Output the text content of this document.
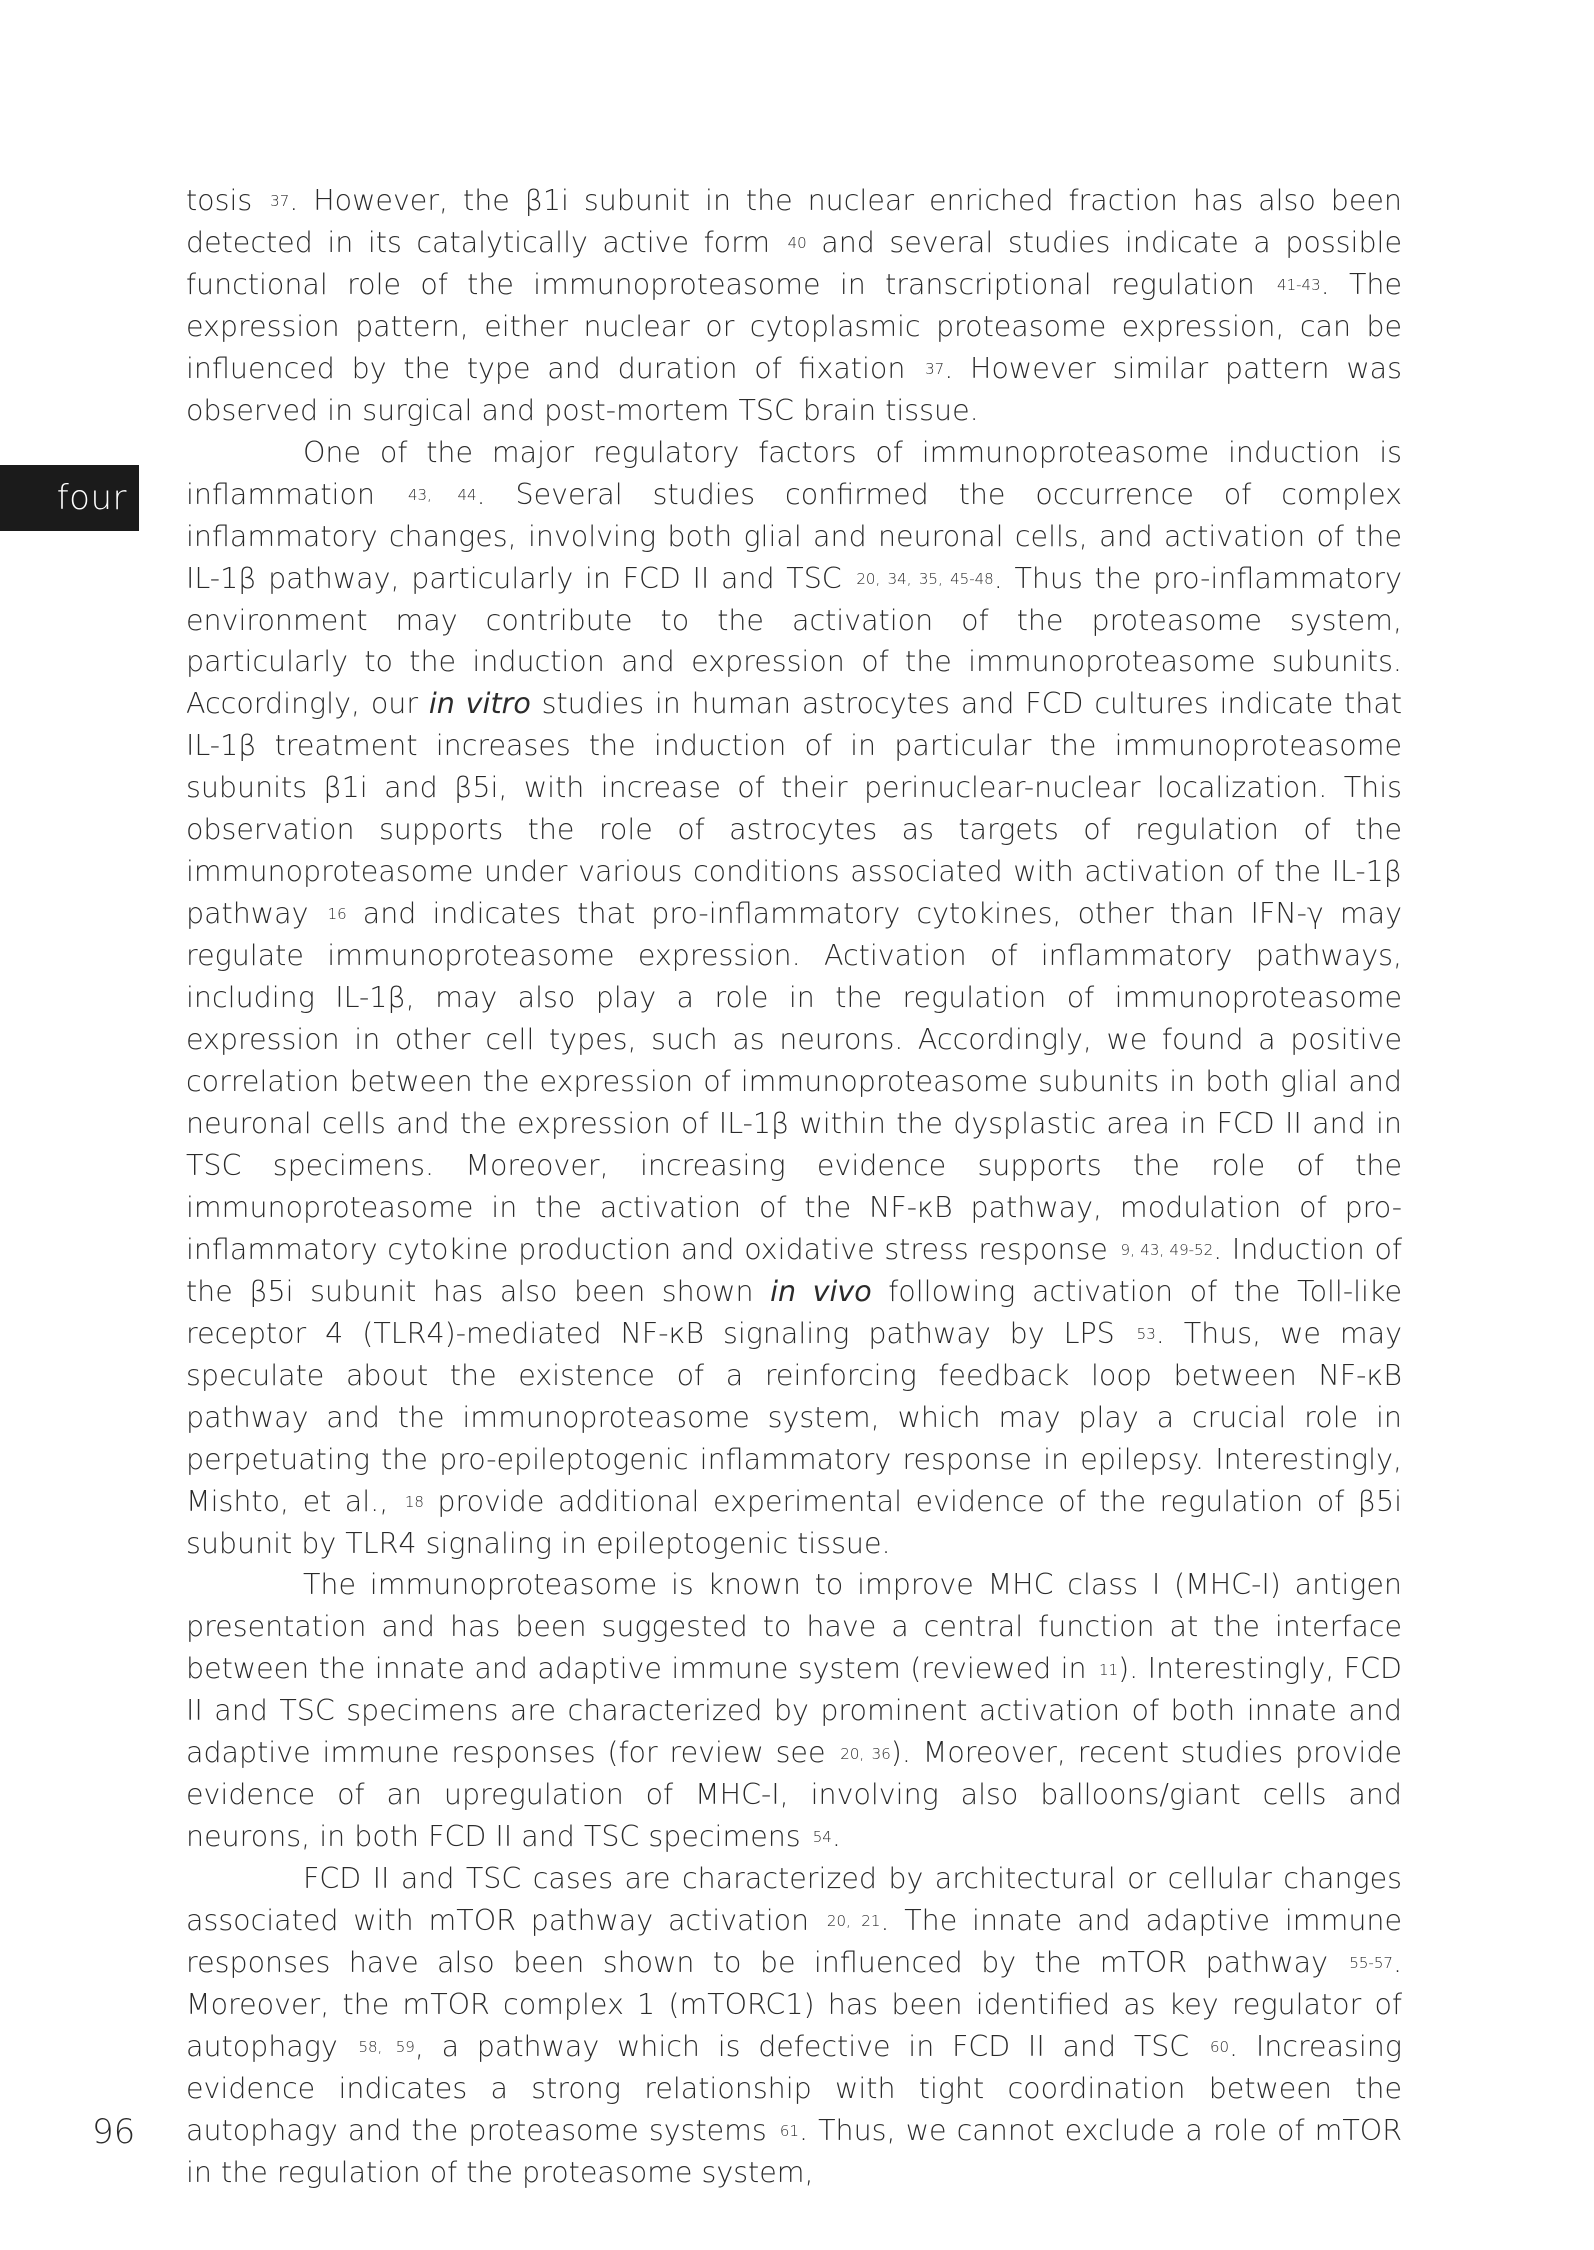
four

tosis $^{37}$. However, the β1i subunit in the nuclear enriched fraction has also been detected in its catalytically active form $^{40}$ and several studies indicate a possible functional role of the immunoproteasome in transcriptional regulation $^{41-43}$. The expression pattern, either nuclear or cytoplasmic proteasome expression, can be influenced by the type and duration of fixation $^{37}$. However similar pattern was observed in surgical and post-mortem TSC brain tissue.

One of the major regulatory factors of immunoproteasome induction is inflammation $^{43, 44}$. Several studies confirmed the occurrence of complex inflammatory changes, involving both glial and neuronal cells, and activation of the IL-1β pathway, particularly in FCD II and TSC $^{20, 34, 35, 45-48}$. Thus the pro-inflammatory environment may contribute to the activation of the proteasome system, particularly to the induction and expression of the immunoproteasome subunits. Accordingly, our in vitro studies in human astrocytes and FCD cultures indicate that IL-1β treatment increases the induction of in particular the immunoproteasome subunits β1i and β5i, with increase of their perinuclear-nuclear localization. This observation supports the role of astrocytes as targets of regulation of the immunoproteasome under various conditions associated with activation of the IL-1β pathway $^{16}$ and indicates that pro-inflammatory cytokines, other than IFN-γ may regulate immunoproteasome expression. Activation of inflammatory pathways, including IL-1β, may also play a role in the regulation of immunoproteasome expression in other cell types, such as neurons. Accordingly, we found a positive correlation between the expression of immunoproteasome subunits in both glial and neuronal cells and the expression of IL-1β within the dysplastic area in FCD II and in TSC specimens. Moreover, increasing evidence supports the role of the immunoproteasome in the activation of the NF-κB pathway, modulation of pro-inflammatory cytokine production and oxidative stress response $^{9, 43, 49-52}$. Induction of the β5i subunit has also been shown in vivo following activation of the Toll-like receptor 4 (TLR4)-mediated NF-κB signaling pathway by LPS $^{53}$. Thus, we may speculate about the existence of a reinforcing feedback loop between NF-κB pathway and the immunoproteasome system, which may play a crucial role in perpetuating the pro-epileptogenic inflammatory response in epilepsy. Interestingly, Mishto, et al., $^{18}$ provide additional experimental evidence of the regulation of β5i subunit by TLR4 signaling in epileptogenic tissue.

The immunoproteasome is known to improve MHC class I (MHC-I) antigen presentation and has been suggested to have a central function at the interface between the innate and adaptive immune system (reviewed in $^{11}$). Interestingly, FCD II and TSC specimens are characterized by prominent activation of both innate and adaptive immune responses (for review see $^{20, 36}$). Moreover, recent studies provide evidence of an upregulation of MHC-I, involving also balloons/giant cells and neurons, in both FCD II and TSC specimens $^{54}$.

FCD II and TSC cases are characterized by architectural or cellular changes associated with mTOR pathway activation $^{20, 21}$. The innate and adaptive immune responses have also been shown to be influenced by the mTOR pathway $^{55-57}$. Moreover, the mTOR complex 1 (mTORC1) has been identified as key regulator of autophagy $^{58, 59}$, a pathway which is defective in FCD II and TSC $^{60}$. Increasing evidence indicates a strong relationship with tight coordination between the autophagy and the proteasome systems $^{61}$. Thus, we cannot exclude a role of mTOR in the regulation of the proteasome system,

96
